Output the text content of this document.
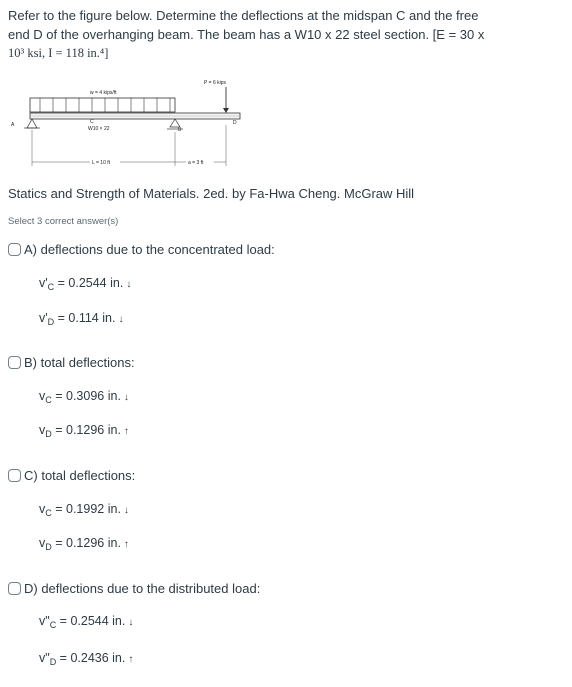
Refer to the figure below. Determine the deflections at the midspan C and the free
end D of the overhanging beam. The beam has a W10 x 22 steel section. [E = 30 x
10³ ksi, I = 118 in.⁴]
w = 4 kips/ft
P = 6 kips
D
C
W10 × 22
A
B
L = 10 ft	a = 3 ft
Statics and Strength of Materials. 2ed. by Fa-Hwa Cheng. McGraw Hill
Select 3 correct answer(s)
A) deflections due to the concentrated load:
$v'_C = 0.2544$ in. ↓
$v'_D = 0.114$ in. ↓
B) total deflections:
$v_C = 0.3096$ in. ↓
$v_D = 0.1296$ in. ↑
C) total deflections:
$v_C = 0.1992$ in. ↓
$v_D = 0.1296$ in. ↑
D) deflections due to the distributed load:
$v"_C = 0.2544$ in. ↓
$v"_D = 0.2436$ in. ↑
